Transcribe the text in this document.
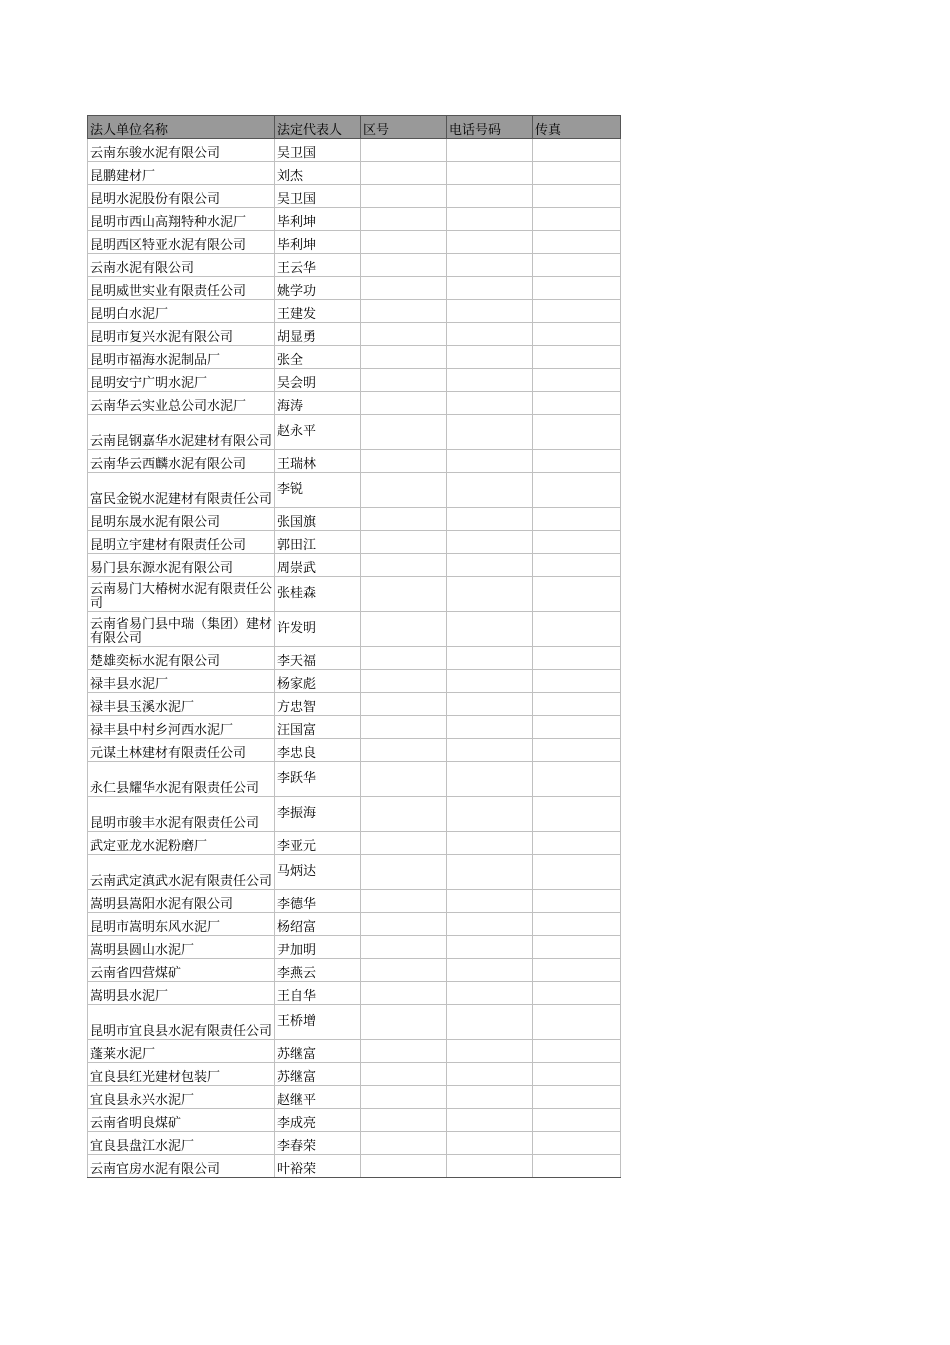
法人单位名称	法定代表人	区号	电话号码	传真
云南东骏水泥有限公司	吴卫国			
昆鹏建材厂	刘杰			
昆明水泥股份有限公司	吴卫国			
昆明市西山高翔特种水泥厂	毕利坤			
昆明西区特亚水泥有限公司	毕利坤			
云南水泥有限公司	王云华			
昆明威世实业有限责任公司	姚学功			
昆明白水泥厂	王建发			
昆明市复兴水泥有限公司	胡显勇			
昆明市福海水泥制品厂	张全			
昆明安宁广明水泥厂	吴会明			
云南华云实业总公司水泥厂	海涛			
云南昆钢嘉华水泥建材有限公司	赵永平			
云南华云西麟水泥有限公司	王瑞林			
富民金锐水泥建材有限责任公司	李锐			
昆明东晟水泥有限公司	张国旗			
昆明立宇建材有限责任公司	郭田江			
易门县东源水泥有限公司	周崇武			
云南易门大椿树水泥有限责任公司	张桂森			
云南省易门县中瑞（集团）建材有限公司	许发明			
楚雄奕标水泥有限公司	李天福			
禄丰县水泥厂	杨家彪			
禄丰县玉溪水泥厂	方忠智			
禄丰县中村乡河西水泥厂	汪国富			
元谋土林建材有限责任公司	李忠良			
永仁县耀华水泥有限责任公司	李跃华			
昆明市骏丰水泥有限责任公司	李振海			
武定亚龙水泥粉磨厂	李亚元			
云南武定滇武水泥有限责任公司	马炳达			
嵩明县嵩阳水泥有限公司	李德华			
昆明市嵩明东风水泥厂	杨绍富			
嵩明县圆山水泥厂	尹加明			
云南省四营煤矿	李燕云			
嵩明县水泥厂	王自华			
昆明市宜良县水泥有限责任公司	王桥增			
蓬莱水泥厂	苏继富			
宜良县红光建材包装厂	苏继富			
宜良县永兴水泥厂	赵继平			
云南省明良煤矿	李成亮			
宜良县盘江水泥厂	李春荣			
云南官房水泥有限公司	叶裕荣			
